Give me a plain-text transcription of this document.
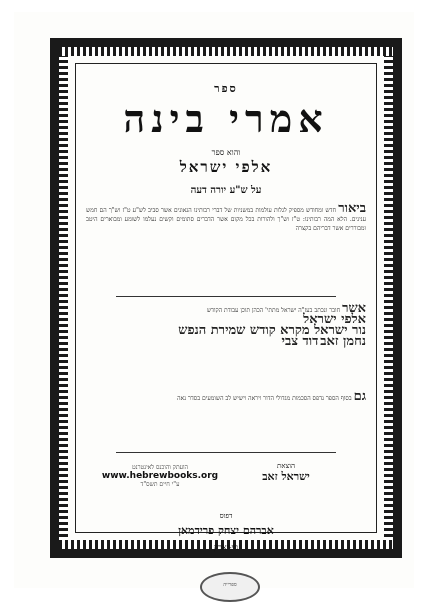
ספר
אמרי בינה
והוא ספר
אלפי ישראל
על ש"ע יורה דעה
ביאור חדש ומחודש מספיק לגלות עולמות במשניות של דברי רבותינו הגאונים אשר סביב לש"ע ט"ז וש"ך הם חמש ענינים. הלא המה רבותינו: ט"ז וש"ך ולהורות בכל מקום אשר הדברים סתומים וקשים נעלמו לשומע ומבוארים היטב ומבוררים אשר דבריהם בקצרה
אשר חובר ונכתב בעז"ה ישראל מתתי' הכהן תוכן עבודת הקודש
אלפי ישראל
נור ישראל מקרא קודש שמירת הנפש
נחמן זאב דוד צבי
גם בסוף הספר נדפס הסכמות מגדולי הדור ויראה וישיש לב השומעים בסדר נאה
הוצאת
ישראל זאב
הועתק והוכנס לאינטרנט
www.hebrewbooks.org
ע"י חיים תשס"ד
דפוס
אברהם יצחק פרידמאן
נוי-יארק
ספרייה
